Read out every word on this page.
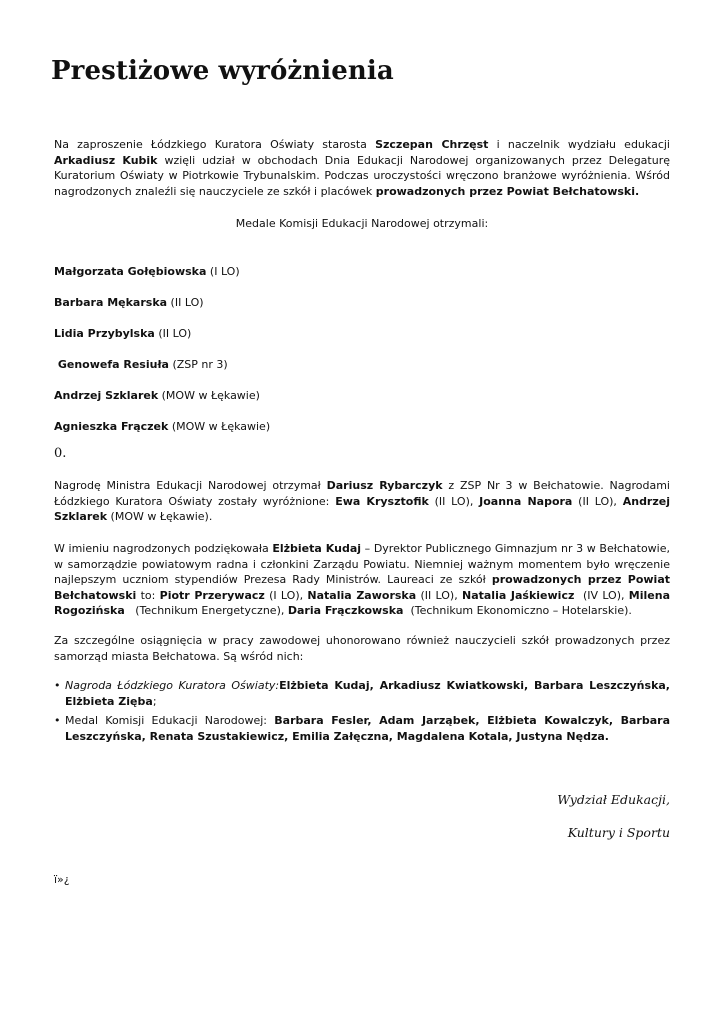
Prestiżowe wyróżnienia

Na zaproszenie Łódzkiego Kuratora Oświaty starosta Szczepan Chrzęst i naczelnik wydziału edukacji Arkadiusz Kubik wzięli udział w obchodach Dnia Edukacji Narodowej organizowanych przez Delegaturę Kuratorium Oświaty w Piotrkowie Trybunalskim. Podczas uroczystości wręczono branżowe wyróżnienia. Wśród nagrodzonych znaleźli się nauczyciele ze szkół i placówek prowadzonych przez Powiat Bełchatowski.

Medale Komisji Edukacji Narodowej otrzymali:
Małgorzata Gołębiowska (I LO)
Barbara Mękarska (II LO)
Lidia Przybylska (II LO)
Genowefa Resiuła (ZSP nr 3)
Andrzej Szklarek (MOW w Łękawie)
Agnieszka Frączek (MOW w Łękawie)
0.

Nagrodę Ministra Edukacji Narodowej otrzymał Dariusz Rybarczyk z ZSP Nr 3 w Bełchatowie. Nagrodami Łódzkiego Kuratora Oświaty zostały wyróżnione: Ewa Krysztofik (II LO), Joanna Napora (II LO), Andrzej Szklarek (MOW w Łękawie).

W imieniu nagrodzonych podziękowała Elżbieta Kudaj – Dyrektor Publicznego Gimnazjum nr 3 w Bełchatowie, w samorządzie powiatowym radna i członkini Zarządu Powiatu. Niemniej ważnym momentem było wręczenie najlepszym uczniom stypendiów Prezesa Rady Ministrów. Laureaci ze szkół prowadzonych przez Powiat Bełchatowski to: Piotr Przerywacz (I LO), Natalia Zaworska (II LO), Natalia Jaśkiewicz  (IV LO), Milena Rogozińska   (Technikum Energetyczne), Daria Frączkowska  (Technikum Ekonomiczno – Hotelarskie).

Za szczególne osiągnięcia w pracy zawodowej uhonorowano również nauczycieli szkół prowadzonych przez samorząd miasta Bełchatowa. Są wśród nich:

• Nagroda Łódzkiego Kuratora Oświaty:Elżbieta Kudaj, Arkadiusz Kwiatkowski, Barbara Leszczyńska, Elżbieta Zięba;
• Medal Komisji Edukacji Narodowej: Barbara Fesler, Adam Jarząbek, Elżbieta Kowalczyk, Barbara Leszczyńska, Renata Szustakiewicz, Emilia Załęczna, Magdalena Kotala, Justyna Nędza.
Wydział Edukacji,
Kultury i Sportu
ï»¿
